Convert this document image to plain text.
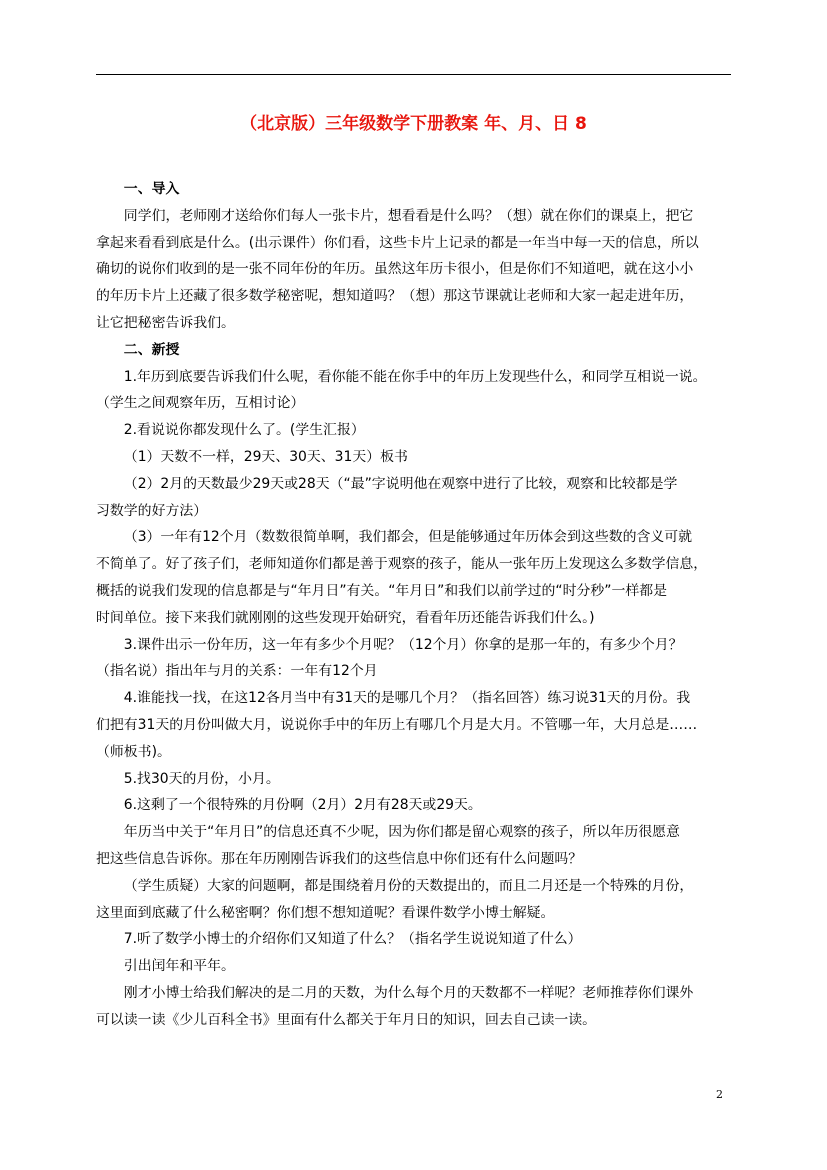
（北京版）三年级数学下册教案 年、月、日 8

一、导入

同学们，老师刚才送给你们每人一张卡片，想看看是什么吗？（想）就在你们的课桌上，把它

拿起来看看到底是什么。(出示课件）你们看，这些卡片上记录的都是一年当中每一天的信息，所以

确切的说你们收到的是一张不同年份的年历。虽然这年历卡很小，但是你们不知道吧，就在这小小

的年历卡片上还藏了很多数学秘密呢，想知道吗？（想）那这节课就让老师和大家一起走进年历，

让它把秘密告诉我们。

二、新授

1.年历到底要告诉我们什么呢，看你能不能在你手中的年历上发现些什么，和同学互相说一说。

（学生之间观察年历，互相讨论）

2.看说说你都发现什么了。(学生汇报）

（1）天数不一样，29天、30天、31天）板书

（2）2月的天数最少29天或28天（“最”字说明他在观察中进行了比较，观察和比较都是学

习数学的好方法）

（3）一年有12个月（数数很简单啊，我们都会，但是能够通过年历体会到这些数的含义可就

不简单了。好了孩子们，老师知道你们都是善于观察的孩子，能从一张年历上发现这么多数学信息，

概括的说我们发现的信息都是与“年月日”有关。“年月日”和我们以前学过的“时分秒”一样都是

时间单位。接下来我们就刚刚的这些发现开始研究，看看年历还能告诉我们什么。)

3.课件出示一份年历，这一年有多少个月呢？（12个月）你拿的是那一年的，有多少个月？

（指名说）指出年与月的关系：一年有12个月

4.谁能找一找，在这12各月当中有31天的是哪几个月？（指名回答）练习说31天的月份。我

们把有31天的月份叫做大月，说说你手中的年历上有哪几个月是大月。不管哪一年，大月总是……

（师板书)。

5.找30天的月份，小月。

6.这剩了一个很特殊的月份啊（2月）2月有28天或29天。

年历当中关于“年月日”的信息还真不少呢，因为你们都是留心观察的孩子，所以年历很愿意

把这些信息告诉你。那在年历刚刚告诉我们的这些信息中你们还有什么问题吗？

（学生质疑）大家的问题啊，都是围绕着月份的天数提出的，而且二月还是一个特殊的月份，

这里面到底藏了什么秘密啊？你们想不想知道呢？看课件数学小博士解疑。

7.听了数学小博士的介绍你们又知道了什么？（指名学生说说知道了什么）

引出闰年和平年。

刚才小博士给我们解决的是二月的天数，为什么每个月的天数都不一样呢？老师推荐你们课外

可以读一读《少儿百科全书》里面有什么都关于年月日的知识，回去自己读一读。

2
